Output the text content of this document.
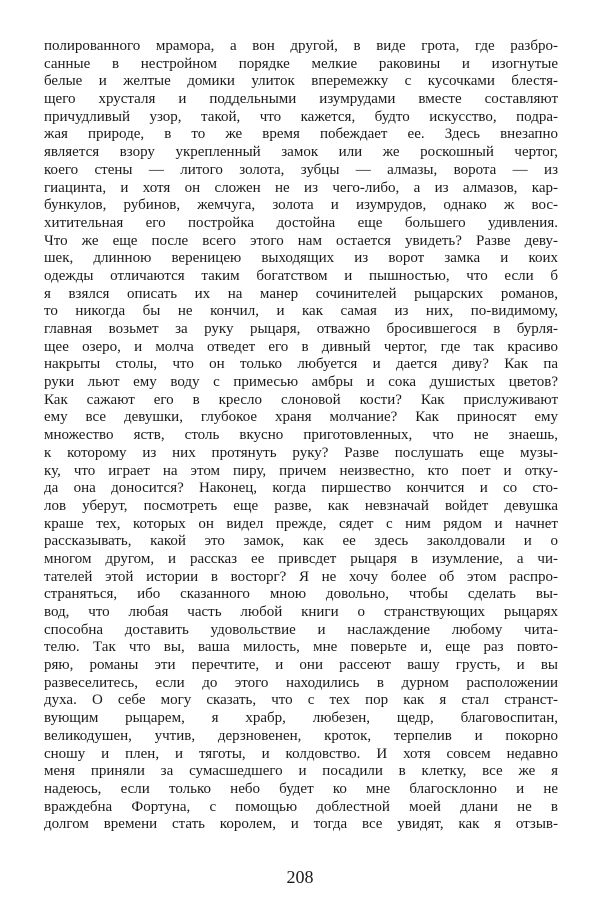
полированного мрамора, а вон другой, в виде грота, где разбро-
санные в нестройном порядке мелкие раковины и изогнутые
белые и желтые домики улиток вперемежку с кусочками блестя-
щего хрусталя и поддельными изумрудами вместе составляют
причудливый узор, такой, что кажется, будто искусство, подра-
жая природе, в то же время побеждает ее. Здесь внезапно
является взору укрепленный замок или же роскошный чертог,
коего стены — литого золота, зубцы — алмазы, ворота — из
гиацинта, и хотя он сложен не из чего-либо, а из алмазов, кар-
бункулов, рубинов, жемчуга, золота и изумрудов, однако ж вос-
хитительная его постройка достойна еще большего удивления.
Что же еще после всего этого нам остается увидеть? Разве деву-
шек, длинною вереницею выходящих из ворот замка и коих
одежды отличаются таким богатством и пышностью, что если б
я взялся описать их на манер сочинителей рыцарских романов,
то никогда бы не кончил, и как самая из них, по-видимому,
главная возьмет за руку рыцаря, отважно бросившегося в бурля-
щее озеро, и молча отведет его в дивный чертог, где так красиво
накрыты столы, что он только любуется и дается диву? Как па
руки льют ему воду с примесью амбры и сока душистых цветов?
Как сажают его в кресло слоновой кости? Как прислуживают
ему все девушки, глубокое храня молчание? Как приносят ему
множество яств, столь вкусно приготовленных, что не знаешь,
к которому из них протянуть руку? Разве послушать еще музы-
ку, что играет на этом пиру, причем неизвестно, кто поет и отку-
да она доносится? Наконец, когда пиршество кончится и со сто-
лов уберут, посмотреть еще разве, как невзначай войдет девушка
краше тех, которых он видел прежде, сядет с ним рядом и начнет
рассказывать, какой это замок, как ее здесь заколдовали и о
многом другом, и рассказ ее привсдет рыцаря в изумление, а чи-
тателей этой истории в восторг? Я не хочу более об этом распро-
страняться, ибо сказанного мною довольно, чтобы сделать вы-
вод, что любая часть любой книги о странствующих рыцарях
способна доставить удовольствие и наслаждение любому чита-
телю. Так что вы, ваша милость, мне поверьте и, еще раз повто-
ряю, романы эти перечтите, и они рассеют вашу грусть, и вы
развеселитесь, если до этого находились в дурном расположении
духа. О себе могу сказать, что с тех пор как я стал странст-
вующим рыцарем, я храбр, любезен, щедр, благовоспитан,
великодушен, учтив, дерзновенен, кроток, терпелив и покорно
сношу и плен, и тяготы, и колдовство. И хотя совсем недавно
меня приняли за сумасшедшего и посадили в клетку, все же я
надеюсь, если только небо будет ко мне благосклонно и не
враждебна Фортуна, с помощью доблестной моей длани не в
долгом времени стать королем, и тогда все увидят, как я отзыв-
208
